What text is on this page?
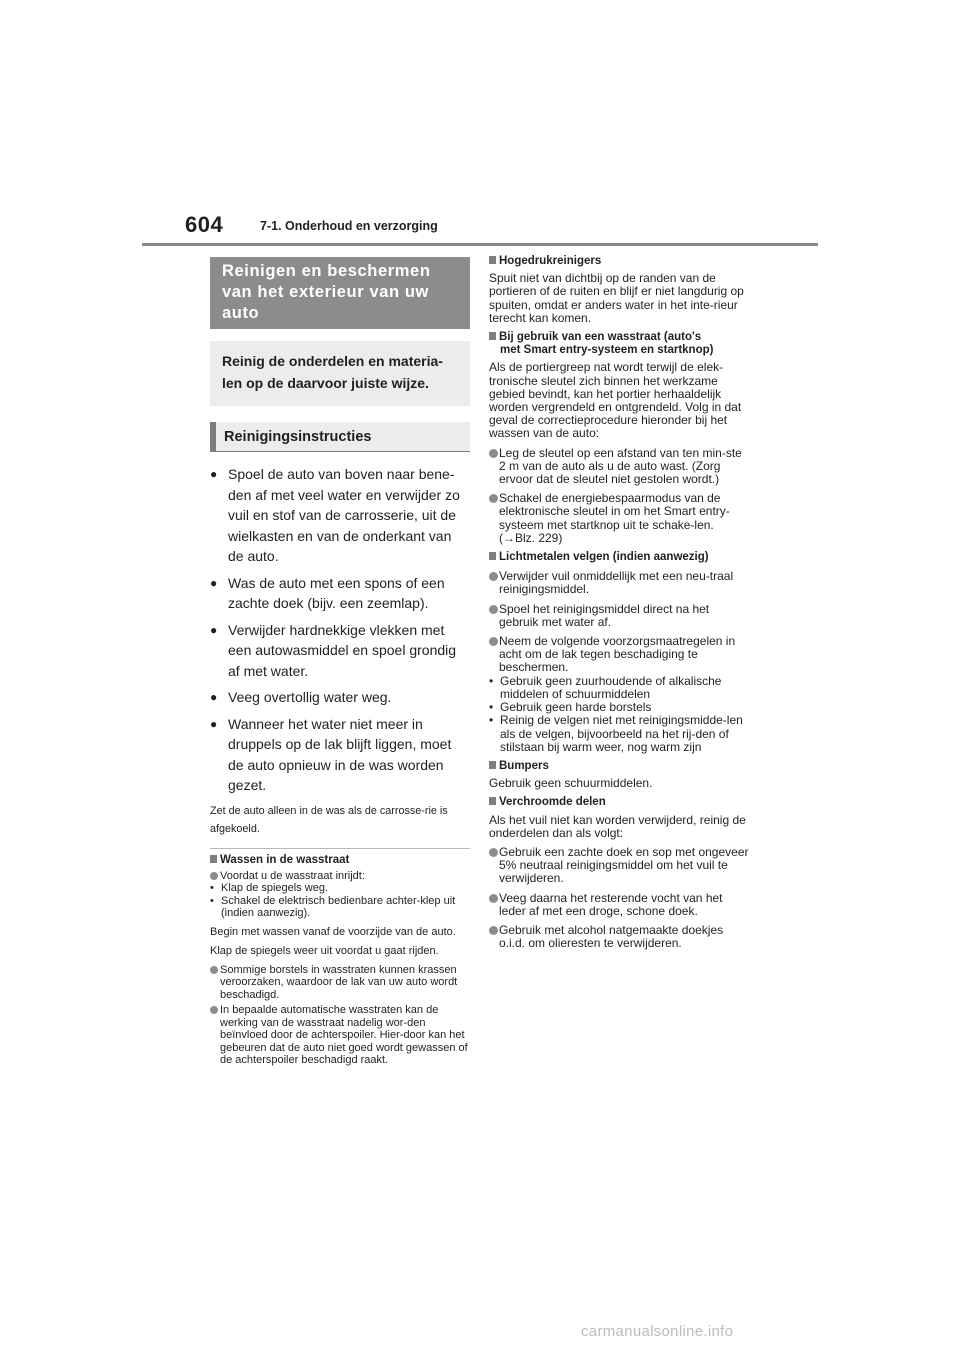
604	7-1. Onderhoud en verzorging
Reinigen en beschermen
van het exterieur van uw
auto
Reinig de onderdelen en materia-
len op de daarvoor juiste wijze.
Reinigingsinstructies
● Spoel de auto van boven naar bene-den af met veel water en verwijder zo vuil en stof van de carrosserie, uit de wielkasten en van de onderkant van de auto.
● Was de auto met een spons of een zachte doek (bijv. een zeemlap).
● Verwijder hardnekkige vlekken met een autowasmiddel en spoel grondig af met water.
● Veeg overtollig water weg.
● Wanneer het water niet meer in druppels op de lak blijft liggen, moet de auto opnieuw in de was worden gezet.
Zet de auto alleen in de was als de carrosse-rie is afgekoeld.
Wassen in de wasstraat
Voordat u de wasstraat inrijdt:
• Klap de spiegels weg.
• Schakel de elektrisch bedienbare achter-klep uit (indien aanwezig).
Begin met wassen vanaf de voorzijde van de auto. Klap de spiegels weer uit voordat u gaat rijden.
Sommige borstels in wasstraten kunnen krassen veroorzaken, waardoor de lak van uw auto wordt beschadigd.
In bepaalde automatische wasstraten kan de werking van de wasstraat nadelig wor-den beïnvloed door de achterspoiler. Hier-door kan het gebeuren dat de auto niet goed wordt gewassen of de achterspoiler beschadigd raakt.
Hogedrukreinigers
Spuit niet van dichtbij op de randen van de portieren of de ruiten en blijf er niet langdurig op spuiten, omdat er anders water in het inte-rieur terecht kan komen.
Bij gebruik van een wasstraat (auto's
met Smart entry-systeem en startknop)
Als de portiergreep nat wordt terwijl de elek-tronische sleutel zich binnen het werkzame gebied bevindt, kan het portier herhaaldelijk worden vergrendeld en ontgrendeld. Volg in dat geval de correctieprocedure hieronder bij het wassen van de auto:
Leg de sleutel op een afstand van ten min-ste 2 m van de auto als u de auto wast. (Zorg ervoor dat de sleutel niet gestolen wordt.)
Schakel de energiebespaarmodus van de elektronische sleutel in om het Smart entry-systeem met startknop uit te schake-len. (→Blz. 229)
Lichtmetalen velgen (indien aanwezig)
Verwijder vuil onmiddellijk met een neu-traal reinigingsmiddel.
Spoel het reinigingsmiddel direct na het gebruik met water af.
Neem de volgende voorzorgsmaatregelen in acht om de lak tegen beschadiging te beschermen.
• Gebruik geen zuurhoudende of alkalische middelen of schuurmiddelen
• Gebruik geen harde borstels
• Reinig de velgen niet met reinigingsmidde-len als de velgen, bijvoorbeeld na het rij-den of stilstaan bij warm weer, nog warm zijn
Bumpers
Gebruik geen schuurmiddelen.
Verchroomde delen
Als het vuil niet kan worden verwijderd, reinig de onderdelen dan als volgt:
Gebruik een zachte doek en sop met ongeveer 5% neutraal reinigingsmiddel om het vuil te verwijderen.
Veeg daarna het resterende vocht van het leder af met een droge, schone doek.
Gebruik met alcohol natgemaakte doekjes o.i.d. om olieresten te verwijderen.
carmanualsonline.info
